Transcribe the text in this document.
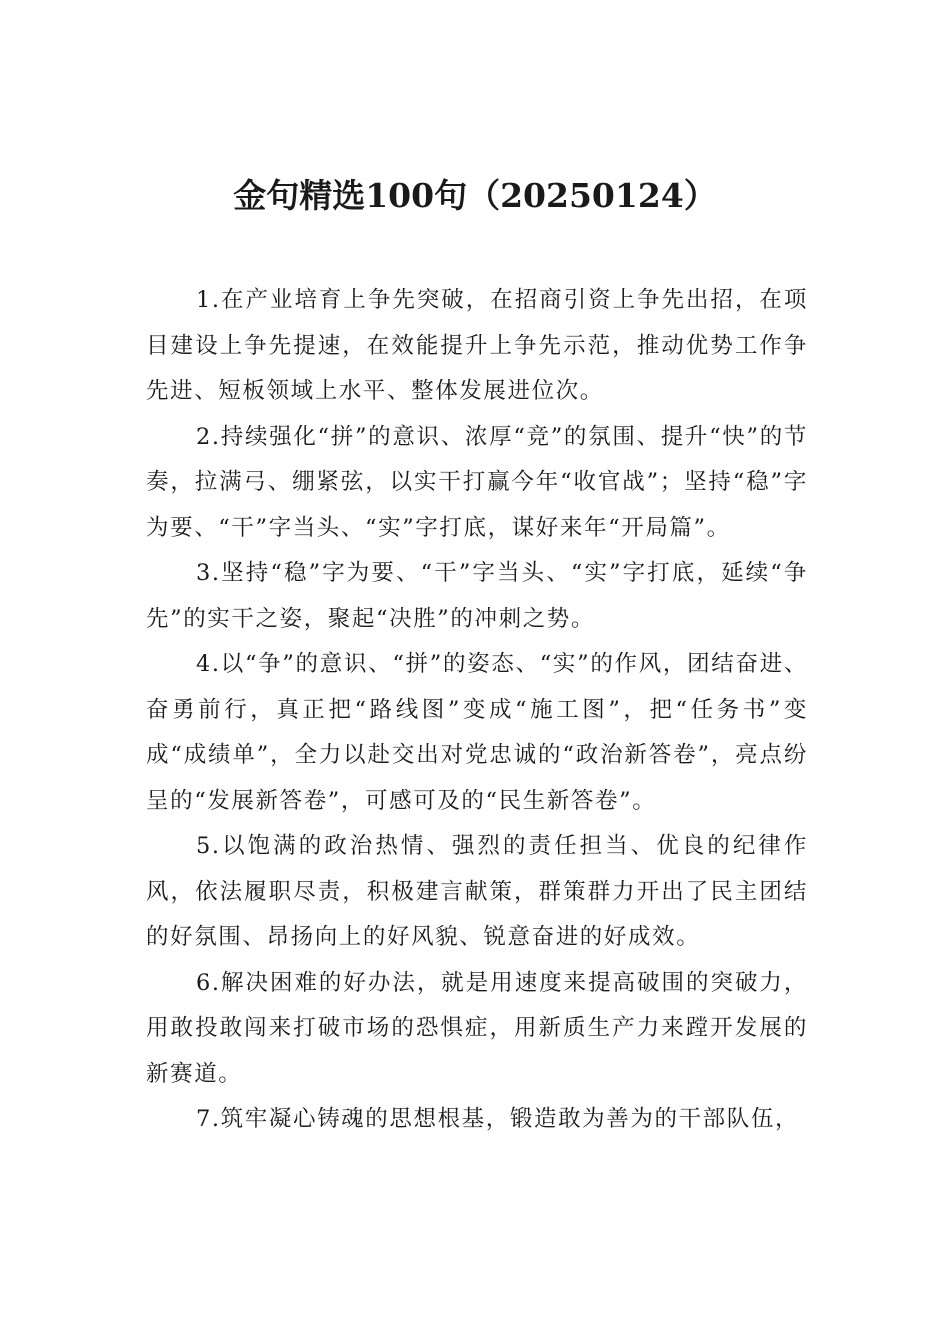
金句精选100句（20250124）

1.在产业培育上争先突破，在招商引资上争先出招，在项目建设上争先提速，在效能提升上争先示范，推动优势工作争先进、短板领域上水平、整体发展进位次。

2.持续强化“拼”的意识、浓厚“竞”的氛围、提升“快”的节奏，拉满弓、绷紧弦，以实干打赢今年“收官战”；坚持“稳”字为要、“干”字当头、“实”字打底，谋好来年“开局篇”。

3.坚持“稳”字为要、“干”字当头、“实”字打底，延续“争先”的实干之姿，聚起“决胜”的冲刺之势。

4.以“争”的意识、“拼”的姿态、“实”的作风，团结奋进、奋勇前行，真正把“路线图”变成“施工图”，把“任务书”变成“成绩单”，全力以赴交出对党忠诚的“政治新答卷”，亮点纷呈的“发展新答卷”，可感可及的“民生新答卷”。

5.以饱满的政治热情、强烈的责任担当、优良的纪律作风，依法履职尽责，积极建言献策，群策群力开出了民主团结的好氛围、昂扬向上的好风貌、锐意奋进的好成效。

6.解决困难的好办法，就是用速度来提高破围的突破力，用敢投敢闯来打破市场的恐惧症，用新质生产力来蹚开发展的新赛道。

7.筑牢凝心铸魂的思想根基，锻造敢为善为的干部队伍，
